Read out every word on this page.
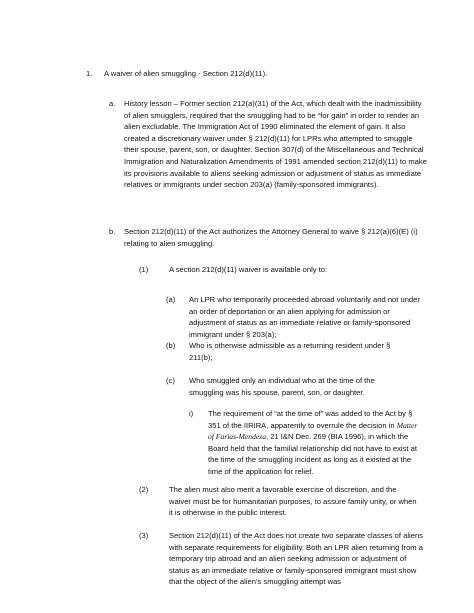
1. A waiver of alien smuggling - Section 212(d)(11).
a. History lesson – Former section 212(a)(31) of the Act, which dealt with the inadmissibility of alien smugglers, required that the smuggling had to be “for gain” in order to render an alien excludable. The Immigration Act of 1990 eliminated the element of gain. It also created a discretionary waiver under § 212(d)(11) for LPRs who attempted to smuggle their spouse, parent, son, or daughter. Section 307(d) of the Miscellaneous and Technical Immigration and Naturalization Amendments of 1991 amended section 212(d)(11) to make its provisions available to aliens seeking admission or adjustment of status as immediate relatives or immigrants under section 203(a) (family-sponsored immigrants).
b. Section 212(d)(11) of the Act authorizes the Attorney General to waive § 212(a)(6)(E) (i) relating to alien smuggling.
(1)	A section 212(d)(11) waiver is available only to:
(a) An LPR who temporarily proceeded abroad voluntarily and not under an order of deportation or an alien applying for admission or adjustment of status as an immediate relative or family-sponsored immigrant under § 203(a);
(b) Who is otherwise admissible as a returning resident under § 211(b);
(c) Who smuggled only an individual who at the time of the smuggling was his spouse, parent, son, or daughter.
i) The requirement of “at the time of” was added to the Act by § 351 of the IIRIRA, apparently to overrule the decision in Matter of Farias-Mendeza, 21 I&N Dec. 269 (BIA 1996), in which the Board held that the familial relationship did not have to exist at the time of the smuggling incident as long as it existed at the time of the application for relief.
(2)	The alien must also merit a favorable exercise of discretion, and the waiver must be for humanitarian purposes, to assure family unity, or when it is otherwise in the public interest.
(3)	Section 212(d)(11) of the Act does not create two separate classes of aliens with separate requirements for eligibility. Both an LPR alien returning from a temporary trip abroad and an alien seeking admission or adjustment of status as an immediate relative or family-sponsored immigrant must show that the object of the alien’s smuggling attempt was
